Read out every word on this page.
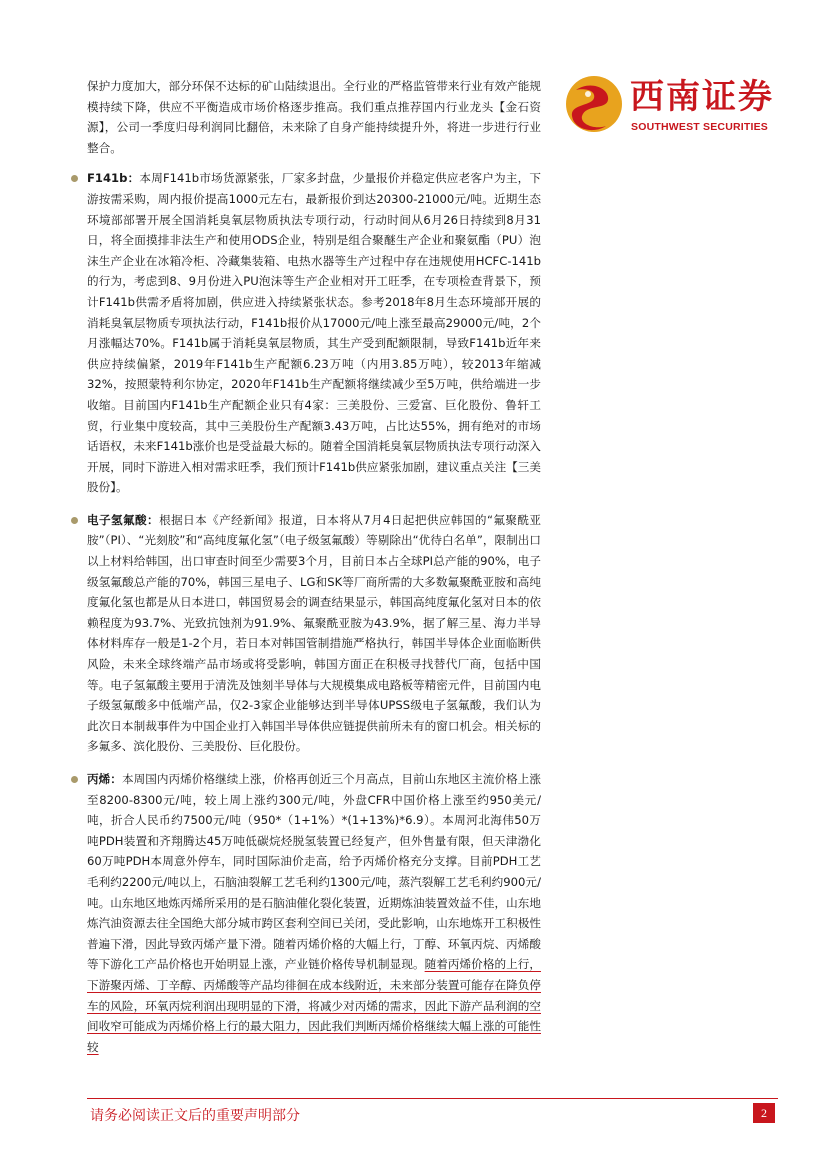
西南证券
SOUTHWEST SECURITIES

保护力度加大，部分环保不达标的矿山陆续退出。全行业的严格监管带来行业有效产能规模持续下降，供应不平衡造成市场价格逐步推高。我们重点推荐国内行业龙头【金石资源】，公司一季度归母利润同比翻倍，未来除了自身产能持续提升外，将进一步进行行业整合。

F141b：本周F141b市场货源紧张，厂家多封盘，少量报价并稳定供应老客户为主，下游按需采购，周内报价提高1000元左右，最新报价到达20300-21000元/吨。近期生态环境部部署开展全国消耗臭氧层物质执法专项行动，行动时间从6月26日持续到8月31日，将全面摸排非法生产和使用ODS企业，特别是组合聚醚生产企业和聚氨酯（PU）泡沫生产企业在冰箱冷柜、冷藏集装箱、电热水器等生产过程中存在违规使用HCFC-141b的行为，考虑到8、9月份进入PU泡沫等生产企业相对开工旺季，在专项检查背景下，预计F141b供需矛盾将加剧，供应进入持续紧张状态。参考2018年8月生态环境部开展的消耗臭氧层物质专项执法行动，F141b报价从17000元/吨上涨至最高29000元/吨，2个月涨幅达70%。F141b属于消耗臭氧层物质，其生产受到配额限制，导致F141b近年来供应持续偏紧，2019年F141b生产配额6.23万吨（内用3.85万吨），较2013年缩减32%，按照蒙特利尔协定，2020年F141b生产配额将继续减少至5万吨，供给端进一步收缩。目前国内F141b生产配额企业只有4家：三美股份、三爱富、巨化股份、鲁轩工贸，行业集中度较高，其中三美股份生产配额3.43万吨，占比达55%，拥有绝对的市场话语权，未来F141b涨价也是受益最大标的。随着全国消耗臭氧层物质执法专项行动深入开展，同时下游进入相对需求旺季，我们预计F141b供应紧张加剧，建议重点关注【三美股份】。
电子氢氟酸：根据日本《产经新闻》报道，日本将从7月4日起把供应韩国的“氟聚酰亚胺”（PI）、“光刻胶”和“高纯度氟化氢”（电子级氢氟酸）等剔除出“优待白名单”，限制出口以上材料给韩国，出口审查时间至少需要3个月，目前日本占全球PI总产能的90%，电子级氢氟酸总产能的70%，韩国三星电子、LG和SK等厂商所需的大多数氟聚酰亚胺和高纯度氟化氢也都是从日本进口，韩国贸易会的调查结果显示，韩国高纯度氟化氢对日本的依赖程度为93.7%、光致抗蚀剂为91.9%、氟聚酰亚胺为43.9%，据了解三星、海力半导体材料库存一般是1-2个月，若日本对韩国管制措施严格执行，韩国半导体企业面临断供风险，未来全球终端产品市场或将受影响，韩国方面正在积极寻找替代厂商，包括中国等。电子氢氟酸主要用于清洗及蚀刻半导体与大规模集成电路板等精密元件，目前国内电子级氢氟酸多中低端产品，仅2-3家企业能够达到半导体UPSS级电子氢氟酸，我们认为此次日本制裁事件为中国企业打入韩国半导体供应链提供前所未有的窗口机会。相关标的多氟多、滨化股份、三美股份、巨化股份。
丙烯：本周国内丙烯价格继续上涨，价格再创近三个月高点，目前山东地区主流价格上涨至8200-8300元/吨，较上周上涨约300元/吨，外盘CFR中国价格上涨至约950美元/吨，折合人民币约7500元/吨（950*（1+1%）*(1+13%)*6.9）。本周河北海伟50万吨PDH装置和齐翔腾达45万吨低碳烷烃脱氢装置已经复产，但外售量有限，但天津渤化60万吨PDH本周意外停车，同时国际油价走高，给予丙烯价格充分支撑。目前PDH工艺毛利约2200元/吨以上，石脑油裂解工艺毛利约1300元/吨，蒸汽裂解工艺毛利约900元/吨。山东地区地炼丙烯所采用的是石脑油催化裂化装置，近期炼油装置效益不佳，山东地炼汽油资源去往全国绝大部分城市跨区套利空间已关闭，受此影响，山东地炼开工积极性普遍下滑，因此导致丙烯产量下滑。随着丙烯价格的大幅上行，丁醇、环氧丙烷、丙烯酸等下游化工产品价格也开始明显上涨，产业链价格传导机制显现。随着丙烯价格的上行，下游聚丙烯、丁辛醇、丙烯酸等产品均徘徊在成本线附近，未来部分装置可能存在降负停车的风险，环氧丙烷利润出现明显的下滑，将减少对丙烯的需求，因此下游产品利润的空间收窄可能成为丙烯价格上行的最大阻力，因此我们判断丙烯价格继续大幅上涨的可能性较
请务必阅读正文后的重要声明部分	2
